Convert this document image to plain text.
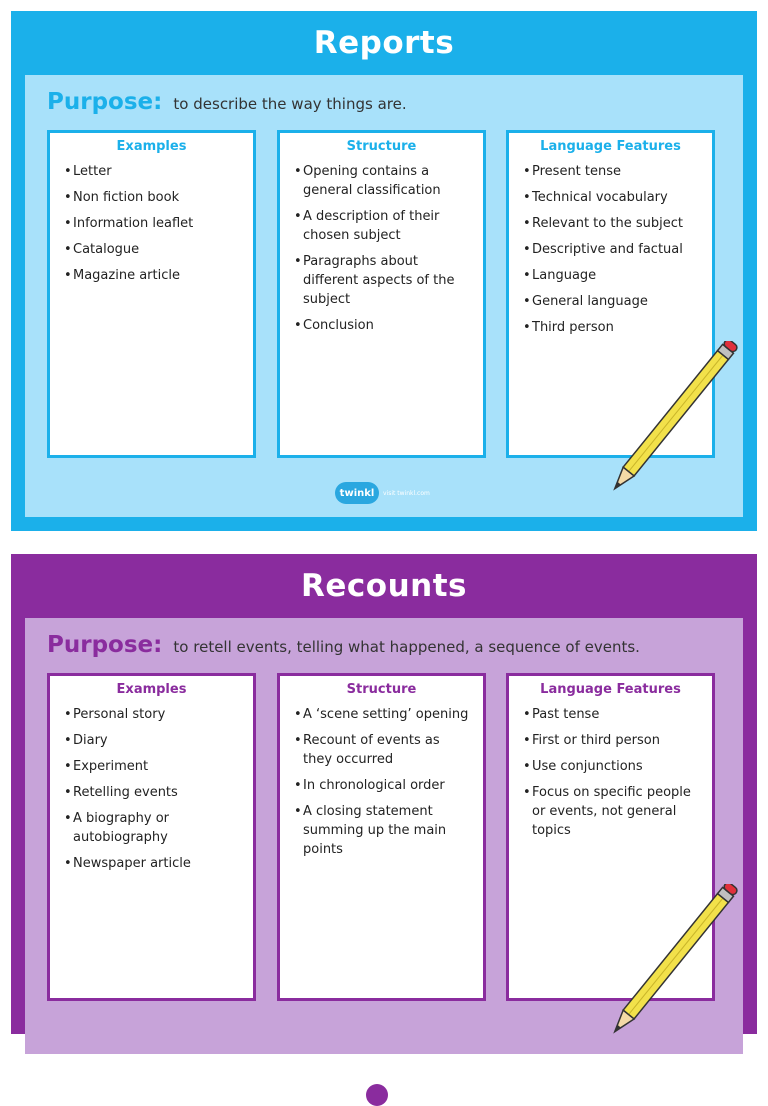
Reports
Purpose: to describe the way things are.
Examples
• Letter
• Non fiction book
• Information leaflet
• Catalogue
• Magazine article
Structure
• Opening contains a general classification
• A description of their chosen subject
• Paragraphs about different aspects of the subject
• Conclusion
Language Features
• Present tense
• Technical vocabulary
• Relevant to the subject
• Descriptive and factual
• Language
• General language
• Third person
twinkl	visit twinkl.com
Recounts
Purpose: to retell events, telling what happened, a sequence of events.
Examples
• Personal story
• Diary
• Experiment
• Retelling events
• A biography or autobiography
• Newspaper article
Structure
• A ‘scene setting’ opening
• Recount of events as they occurred
• In chronological order
• A closing statement summing up the main points
Language Features
• Past tense
• First or third person
• Use conjunctions
• Focus on specific people or events, not general topics
